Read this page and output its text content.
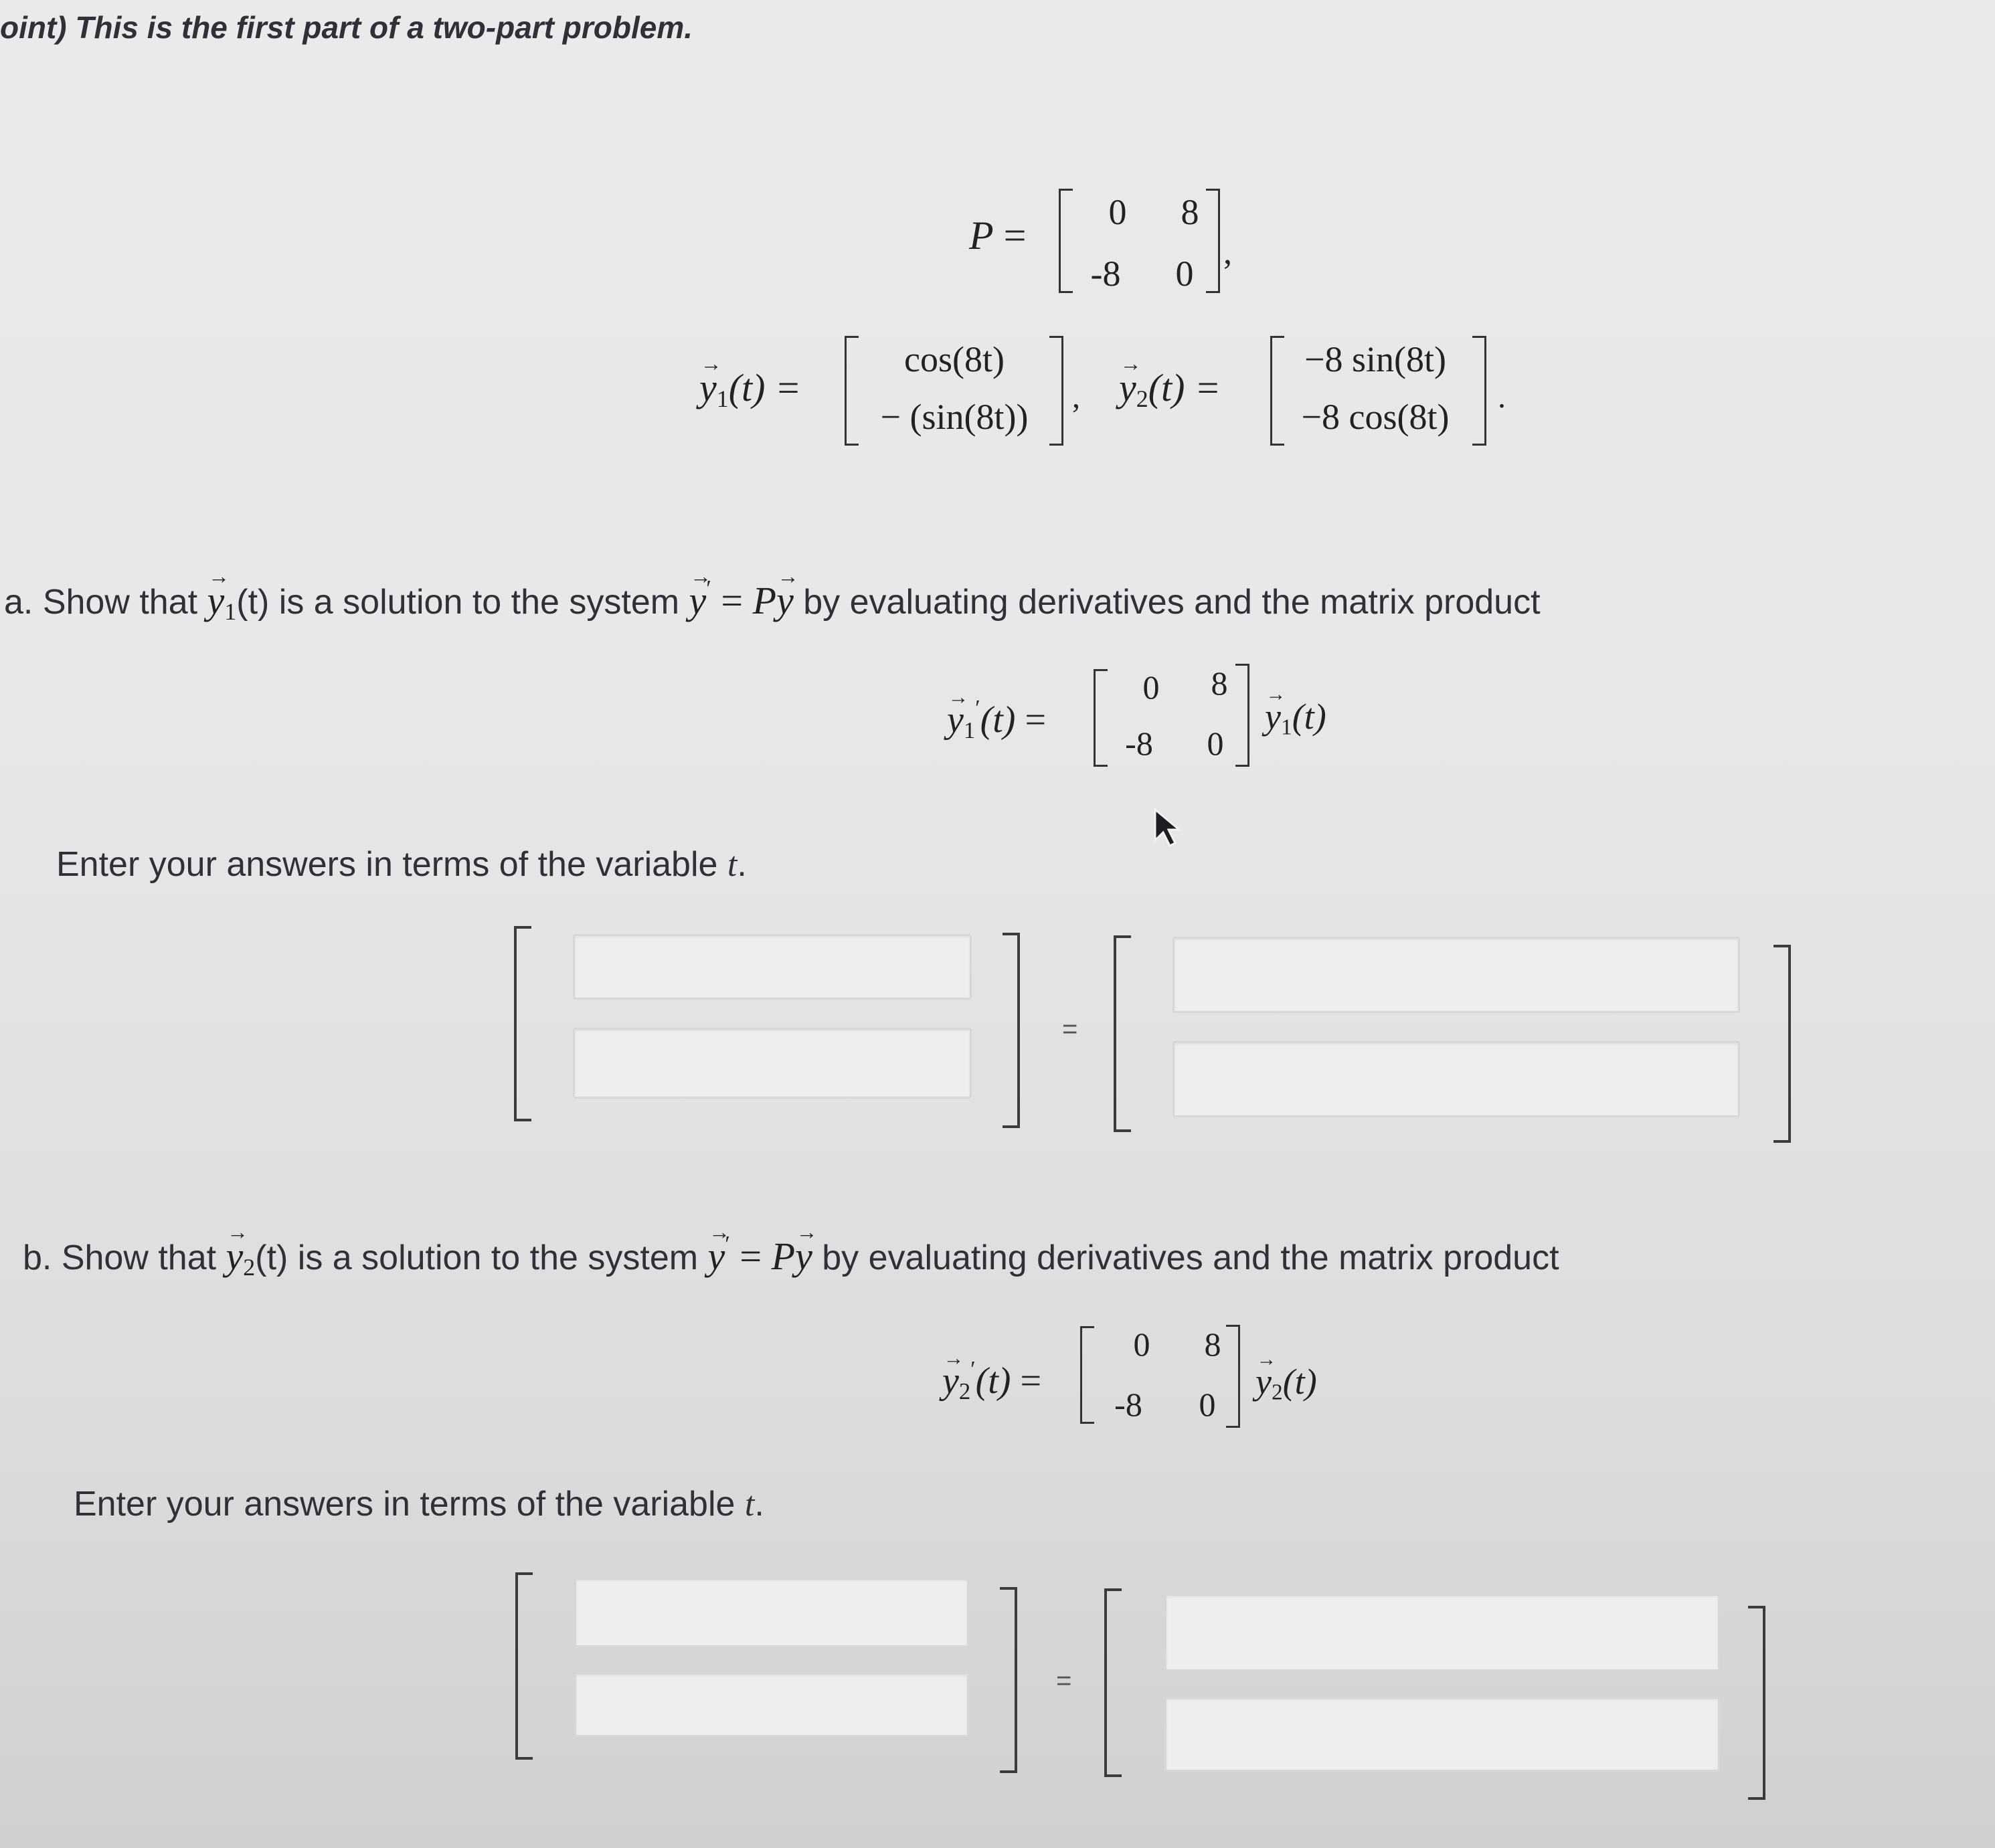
oint) This is the first part of a two-part problem.
P =
0	8
-8	0
,
→ $y_1(t)$ =
cos(8t)
− (sin(8t))	, → $y_2(t)$ =
−8 sin(8t)
−8 cos(8t)	.
a. Show that → $y_1(t)$ is a solution to the system → y′ = P→ y by evaluating derivatives and the matrix product
→ $y_1'(t)$ =
0	8
-8	0
→ $y_1(t)$
Enter your answers in terms of the variable t.
=
b. Show that → $y_2(t)$ is a solution to the system → y′ = P→ y by evaluating derivatives and the matrix product
→ $y_2'(t)$ =
0	8
-8	0
→ $y_2(t)$
Enter your answers in terms of the variable t.
=
